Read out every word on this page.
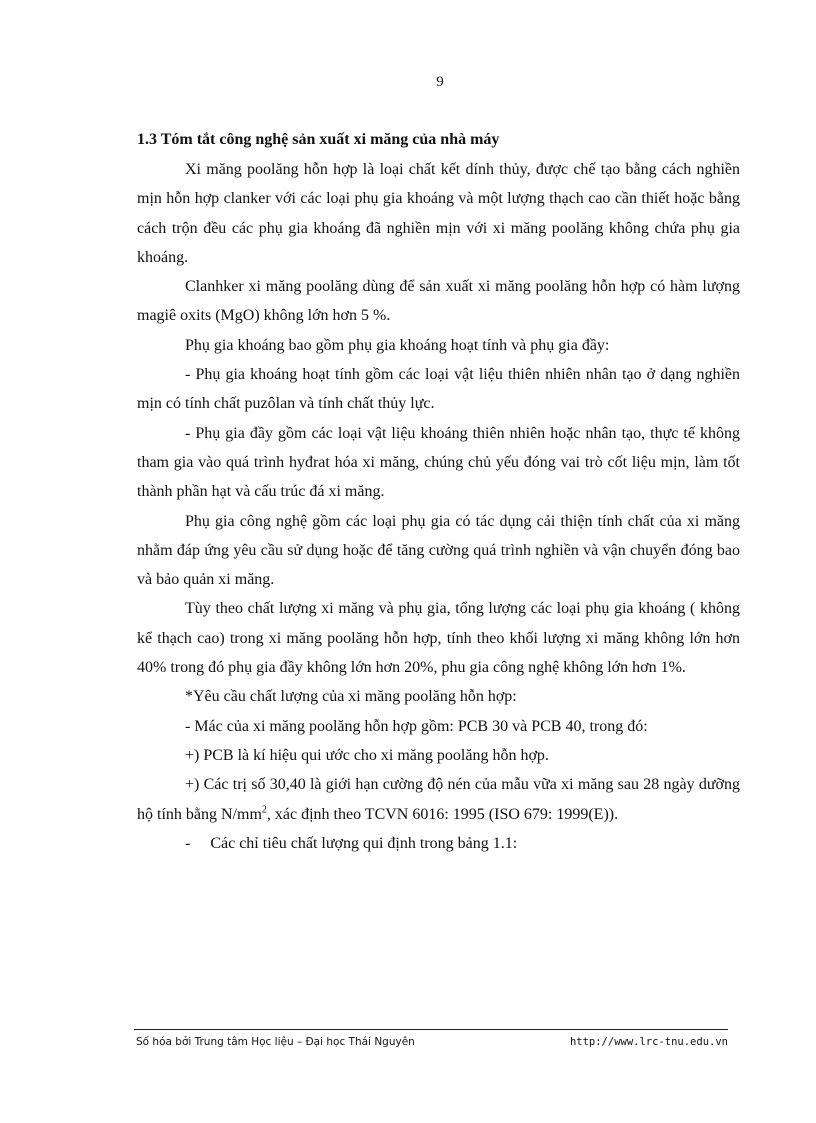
9
1.3 Tóm tắt công nghệ sản xuất xi măng của nhà máy

Xi măng poolăng hỗn hợp là loại chất kết dính thủy, được chế tạo bằng cách nghiền mịn hỗn hợp clanker với các loại phụ gia khoáng và một lượng thạch cao cần thiết hoặc bằng cách trộn đều các phụ gia khoáng đã nghiền mịn với xi măng poolăng không chứa phụ gia khoáng.

Clanhker xi măng poolăng dùng để sản xuất xi măng poolăng hỗn hợp có hàm lượng magiê oxits (MgO) không lớn hơn 5 %.

Phụ gia khoáng bao gồm phụ gia khoáng hoạt tính và phụ gia đầy:

- Phụ gia khoáng hoạt tính gồm các loại vật liệu thiên nhiên nhân tạo ở dạng nghiền mịn có tính chất puzôlan và tính chất thủy lực.

- Phụ gia đầy gồm các loại vật liệu khoáng thiên nhiên hoặc nhân tạo, thực tế không tham gia vào quá trình hyđrat hóa xi măng, chúng chủ yếu đóng vai trò cốt liệu mịn, làm tốt thành phần hạt và cấu trúc đá xi măng.

Phụ gia công nghệ gồm các loại phụ gia có tác dụng cải thiện tính chất của xi măng nhằm đáp ứng yêu cầu sử dụng hoặc để tăng cường quá trình nghiền và vận chuyển đóng bao và bảo quản xi măng.

Tùy theo chất lượng xi măng và phụ gia, tổng lượng các loại phụ gia khoáng ( không kể thạch cao) trong xi măng poolăng hỗn hợp, tính theo khối lượng xi măng không lớn hơn 40% trong đó phụ gia đầy không lớn hơn 20%, phu gia công nghệ không lớn hơn 1%.

*Yêu cầu chất lượng của xi măng poolăng hỗn hợp:

- Mác của xi măng poolăng hỗn hợp gồm: PCB 30 và PCB 40, trong đó:

+) PCB là kí hiệu qui ước cho xi măng poolăng hỗn hợp.

+) Các trị số 30,40 là giới hạn cường độ nén của mẫu vữa xi măng sau 28 ngày dưỡng hộ tính bằng $N/mm^2$, xác định theo TCVN 6016: 1995 (ISO 679: 1999(E)).

- Các chỉ tiêu chất lượng qui định trong bảng 1.1:

Số hóa bởi Trung tâm Học liệu – Đại học Thái Nguyên	http://www.lrc-tnu.edu.vn
